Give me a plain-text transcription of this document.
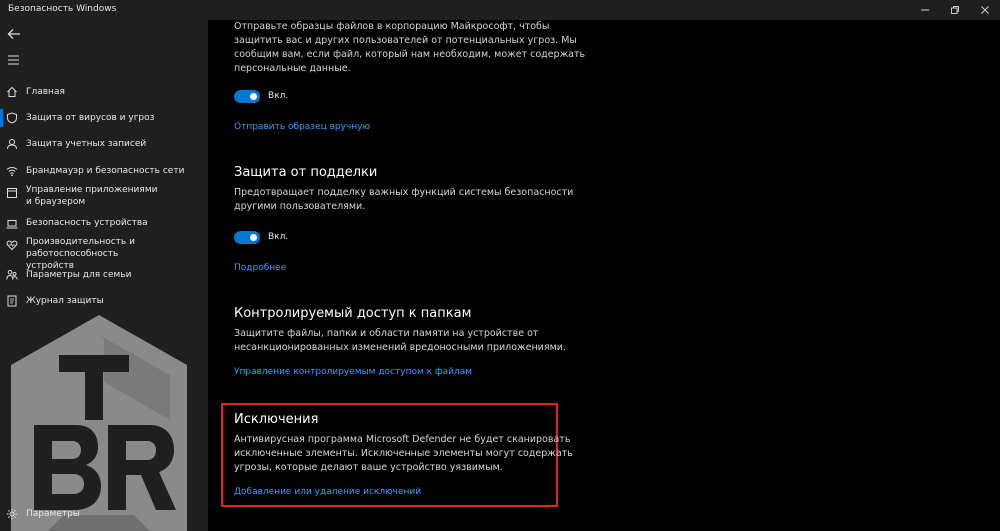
Безопасность Windows
Главная
Защита от вирусов и угроз
Защита учетных записей
Брандмауэр и безопасность сети
Управление приложениями и браузером
Безопасность устройства
Производительность и работоспособность устройств
Параметры для семьи
Журнал защиты
Параметры
Отправьте образцы файлов в корпорацию Майкрософт, чтобы
защитить вас и других пользователей от потенциальных угроз. Мы
сообщим вам, если файл, который нам необходим, может содержать
персональные данные.
Вкл.
Отправить образец вручную
Защита от подделки
Предотвращает подделку важных функций системы безопасности
другими пользователями.
Вкл.
Подробнее
Контролируемый доступ к папкам
Защитите файлы, папки и области памяти на устройстве от
несанкционированных изменений вредоносными приложениями.
Управление контролируемым доступом к файлам
Исключения
Антивирусная программа Microsoft Defender не будет сканировать
исключенные элементы. Исключенные элементы могут содержать
угрозы, которые делают ваше устройство уязвимым.
Добавление или удаление исключений
